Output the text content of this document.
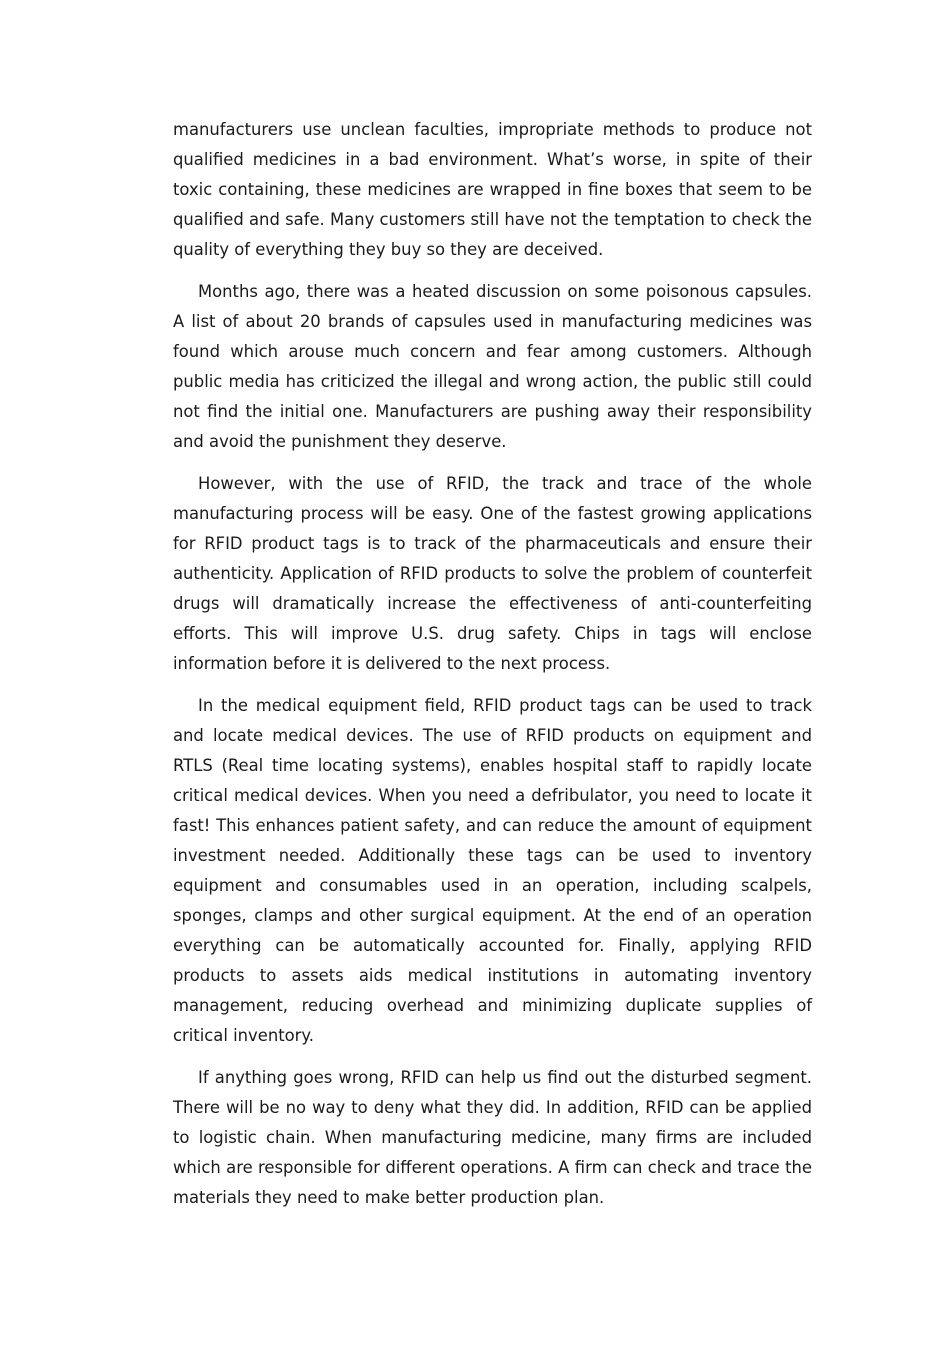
manufacturers use unclean faculties, impropriate methods to produce not qualified medicines in a bad environment. What’s worse, in spite of their toxic containing, these medicines are wrapped in fine boxes that seem to be qualified and safe. Many customers still have not the temptation to check the quality of everything they buy so they are deceived.

Months ago, there was a heated discussion on some poisonous capsules. A list of about 20 brands of capsules used in manufacturing medicines was found which arouse much concern and fear among customers. Although public media has criticized the illegal and wrong action, the public still could not find the initial one. Manufacturers are pushing away their responsibility and avoid the punishment they deserve.

However, with the use of RFID, the track and trace of the whole manufacturing process will be easy. One of the fastest growing applications for RFID product tags is to track of the pharmaceuticals and ensure their authenticity. Application of RFID products to solve the problem of counterfeit drugs will dramatically increase the effectiveness of anti-counterfeiting efforts. This will improve U.S. drug safety. Chips in tags will enclose information before it is delivered to the next process.

In the medical equipment field, RFID product tags can be used to track and locate medical devices. The use of RFID products on equipment and RTLS (Real time locating systems), enables hospital staff to rapidly locate critical medical devices. When you need a defribulator, you need to locate it fast! This enhances patient safety, and can reduce the amount of equipment investment needed. Additionally these tags can be used to inventory equipment and consumables used in an operation, including scalpels, sponges, clamps and other surgical equipment. At the end of an operation everything can be automatically accounted for. Finally, applying RFID products to assets aids medical institutions in automating inventory management, reducing overhead and minimizing duplicate supplies of critical inventory.

If anything goes wrong, RFID can help us find out the disturbed segment. There will be no way to deny what they did. In addition, RFID can be applied to logistic chain. When manufacturing medicine, many firms are included which are responsible for different operations. A firm can check and trace the materials they need to make better production plan.
